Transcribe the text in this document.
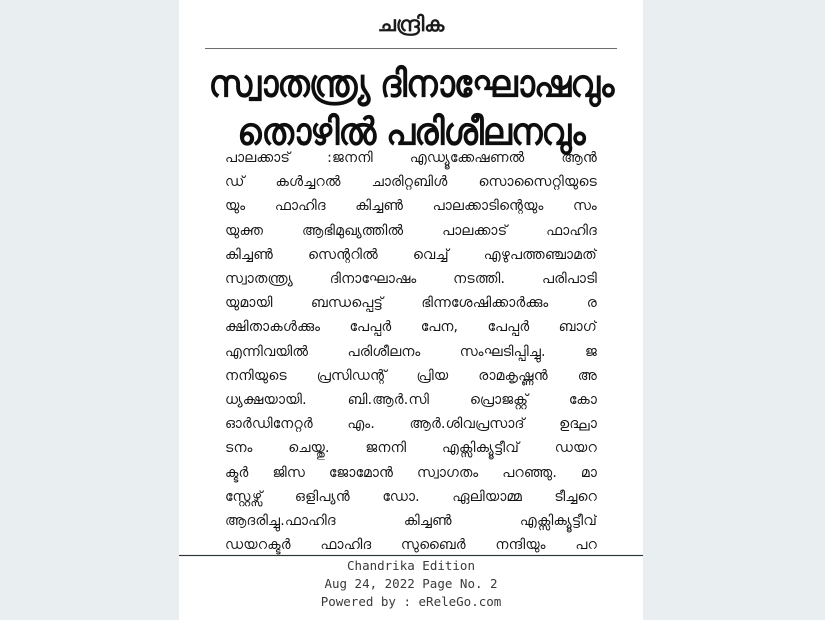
ചന്ദ്രിക
സ്വാതന്ത്ര്യ ദിനാഘോഷവും
തൊഴിൽ പരിശീലനവും
പാലക്കാട് :ജനനി എഡ്യൂക്കേഷണൽ ആൻ
ഡ് കൾച്ചറൽ ചാരിറ്റബിൾ സൊസൈറ്റിയുടെ
യും ഫാഹിദ കിച്ചൺ പാലക്കാടിന്റെയും സം
യുക്ത ആഭിമുഖ്യത്തിൽ പാലക്കാട് ഫാഹിദ
കിച്ചൺ സെന്ററിൽ വെച്ച് എഴുപത്തഞ്ചാമത്
സ്വാതന്ത്ര്യ ദിനാഘോഷം നടത്തി. പരിപാടി
യുമായി ബന്ധപ്പെട്ട് ഭിന്നശേഷിക്കാർക്കും ര
ക്ഷിതാകൾക്കും പേപ്പർ പേന, പേപ്പർ ബാഗ്
എന്നിവയിൽ പരിശീലനം സംഘടിപ്പിച്ചു. ജ
നനിയുടെ പ്രസിഡന്റ് പ്രിയ രാമകൃഷ്ണൻ അ
ധ്യക്ഷയായി. ബി.ആർ.സി പ്രൊജക്റ്റ് കോ
ഓർഡിനേറ്റർ എം. ആർ.ശിവപ്രസാദ് ഉദ്ഘാ
ടനം ചെയ്തു. ജനനി എക്സിക്യൂട്ടീവ് ഡയറ
ക്ടർ ജിസ ജോമോൻ സ്വാഗതം പറഞ്ഞു. മാ
സ്റ്റേഴ്സ് ഒളിപ്യൻ ഡോ. ഏലിയാമ്മ ടീച്ചറെ
ആദരിച്ചു.ഫാഹിദ കിച്ചൺ എക്സിക്യൂട്ടീവ്
ഡയറക്ടർ ഫാഹിദ സുബൈർ നന്ദിയും പറ
Chandrika Edition
Aug 24, 2022 Page No. 2
Powered by : eReleGo.com
